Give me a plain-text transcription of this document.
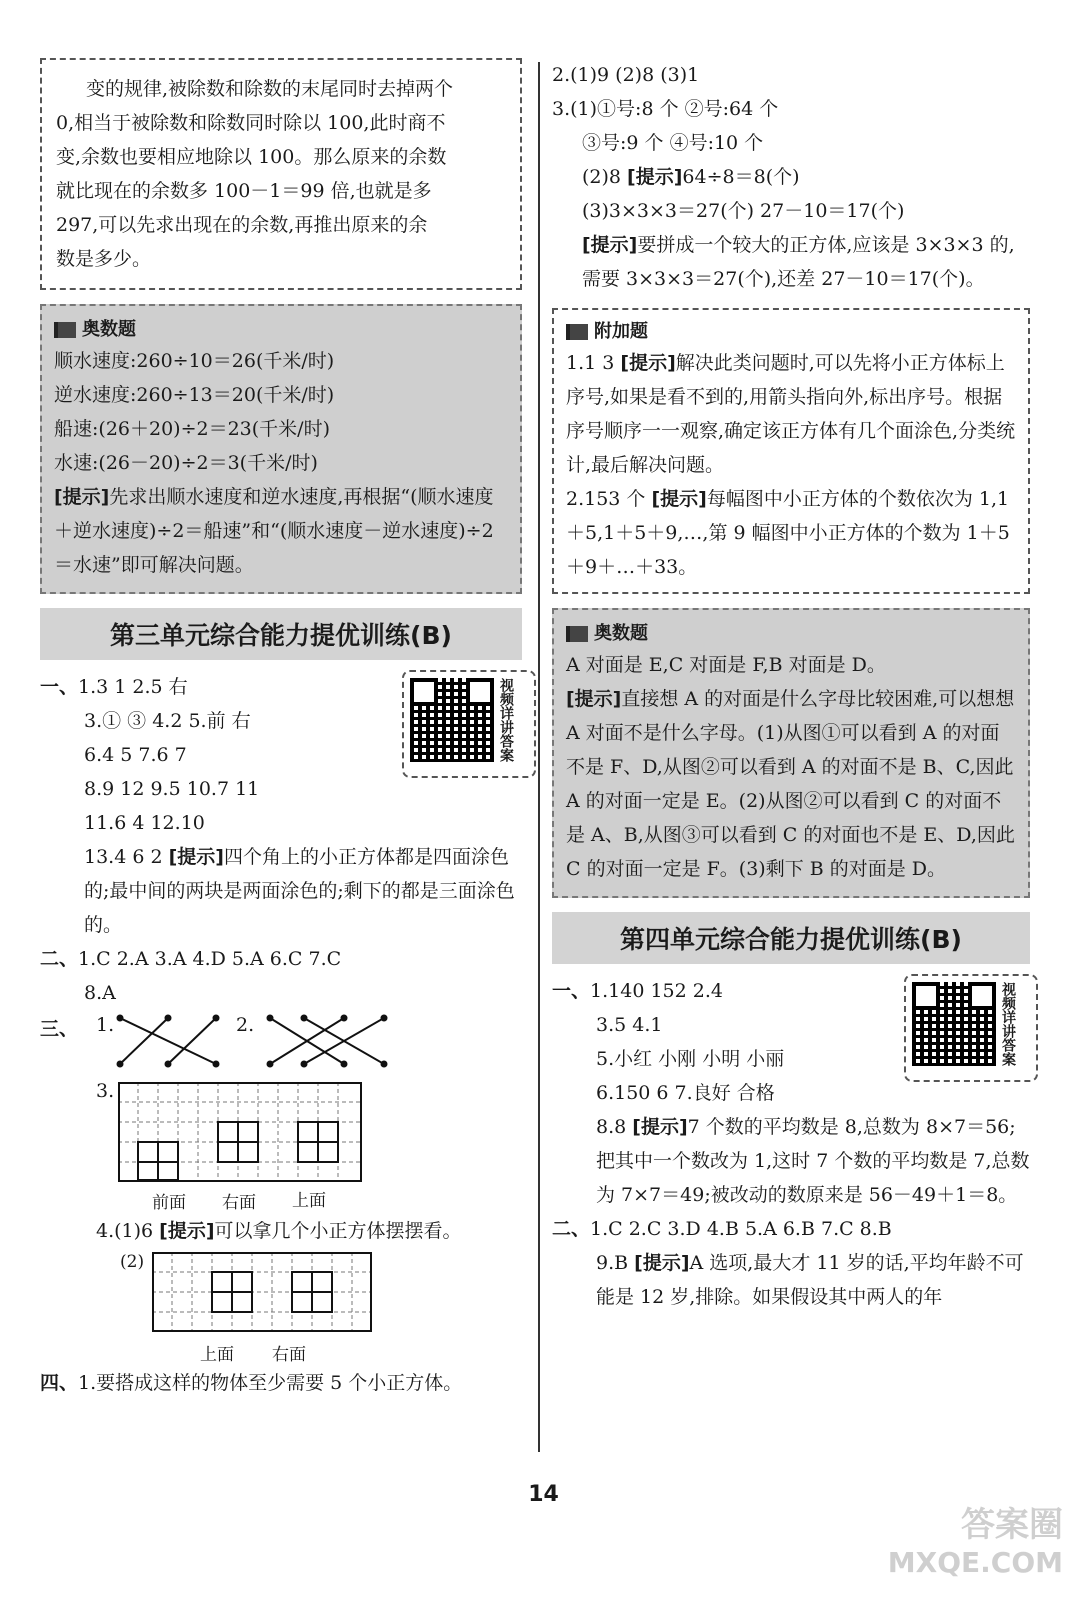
变的规律,被除数和除数的末尾同时去掉两个
0,相当于被除数和除数同时除以 100,此时商不
变,余数也要相应地除以 100。那么原来的余数
就比现在的余数多 100－1＝99 倍,也就是多
297,可以先求出现在的余数,再推出原来的余
数是多少。
奥数题
顺水速度:260÷10＝26(千米/时)
逆水速度:260÷13＝20(千米/时)
船速:(26＋20)÷2＝23(千米/时)
水速:(26－20)÷2＝3(千米/时)
[提示]先求出顺水速度和逆水速度,再根据“(顺水速度＋逆水速度)÷2＝船速”和“(顺水速度－逆水速度)÷2＝水速”即可解决问题。
第三单元综合能力提优训练(B)
视频详讲答案
一、1.3 1 2.5 右
3.① ③ 4.2 5.前 右
6.4 5 7.6 7
8.9 12 9.5 10.7 11
11.6 4 12.10
13.4 6 2 [提示]四个角上的小正方体都是四面涂色的;最中间的两块是两面涂色的;剩下的都是三面涂色的。
二、1.C 2.A 3.A 4.D 5.A 6.C 7.C
8.A
三、 1.	2.
3.
前面 右面 上面
4.(1)6 [提示]可以拿几个小正方体摆摆看。
(2)
上面 右面
四、1.要搭成这样的物体至少需要 5 个小正方体。
2.(1)9 (2)8 (3)1
3.(1)①号:8 个 ②号:64 个
③号:9 个 ④号:10 个
(2)8 [提示]64÷8＝8(个)
(3)3×3×3＝27(个) 27－10＝17(个)
[提示]要拼成一个较大的正方体,应该是 3×3×3 的,需要 3×3×3＝27(个),还差 27－10＝17(个)。
附加题
1.1 3 [提示]解决此类问题时,可以先将小正方体标上序号,如果是看不到的,用箭头指向外,标出序号。根据序号顺序一一观察,确定该正方体有几个面涂色,分类统计,最后解决问题。
2.153 个 [提示]每幅图中小正方体的个数依次为 1,1＋5,1＋5＋9,…,第 9 幅图中小正方体的个数为 1＋5＋9＋…＋33。
奥数题
A 对面是 E,C 对面是 F,B 对面是 D。
[提示]直接想 A 的对面是什么字母比较困难,可以想想 A 对面不是什么字母。(1)从图①可以看到 A 的对面不是 F、D,从图②可以看到 A 的对面不是 B、C,因此 A 的对面一定是 E。(2)从图②可以看到 C 的对面不是 A、B,从图③可以看到 C 的对面也不是 E、D,因此 C 的对面一定是 F。(3)剩下 B 的对面是 D。
第四单元综合能力提优训练(B)
视频详讲答案
一、1.140 152 2.4
3.5 4.1
5.小红 小刚 小明 小丽
6.150 6 7.良好 合格
8.8 [提示]7 个数的平均数是 8,总数为 8×7＝56;把其中一个数改为 1,这时 7 个数的平均数是 7,总数为 7×7＝49;被改动的数原来是 56－49＋1＝8。
二、1.C 2.C 3.D 4.B 5.A 6.B 7.C 8.B
9.B [提示]A 选项,最大才 11 岁的话,平均年龄不可能是 12 岁,排除。如果假设其中两人的年
14
答案圈
MXQE.COM
